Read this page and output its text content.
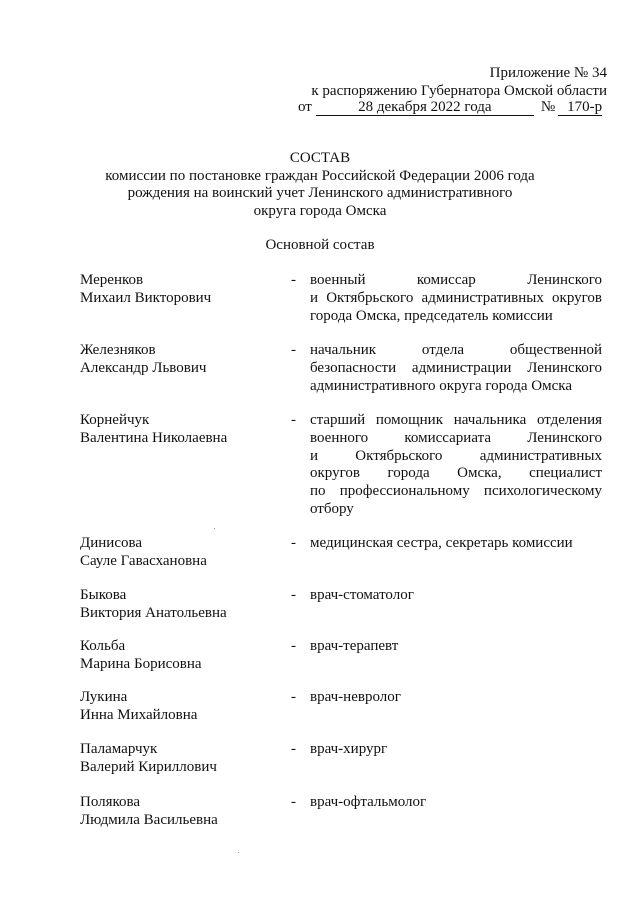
Приложение № 34
к распоряжению Губернатора Омской области
от	28 декабря 2022 года	№ 170-р
СОСТАВ
комиссии по постановке граждан Российской Федерации 2006 года
рождения на воинский учет Ленинского административного
округа города Омска
Основной состав
Меренков
Михаил Викторович
- военный комиссар Ленинского
и Октябрьского административных округов
города Омска, председатель комиссии
Железняков
Александр Львович
- начальник отдела общественной
безопасности администрации Ленинского
административного округа города Омска
Корнейчук
Валентина Николаевна
- старший помощник начальника отделения
военного комиссариата Ленинского
и Октябрьского административных
округов города Омска, специалист
по профессиональному психологическому
отбору
Динисова
Сауле Гавасхановна
- медицинская сестра, секретарь комиссии
Быкова
Виктория Анатольевна
- врач-стоматолог
Кольба
Марина Борисовна
- врач-терапевт
Лукина
Инна Михайловна
- врач-невролог
Паламарчук
Валерий Кириллович
- врач-хирург
Полякова
Людмила Васильевна
- врач-офтальмолог
